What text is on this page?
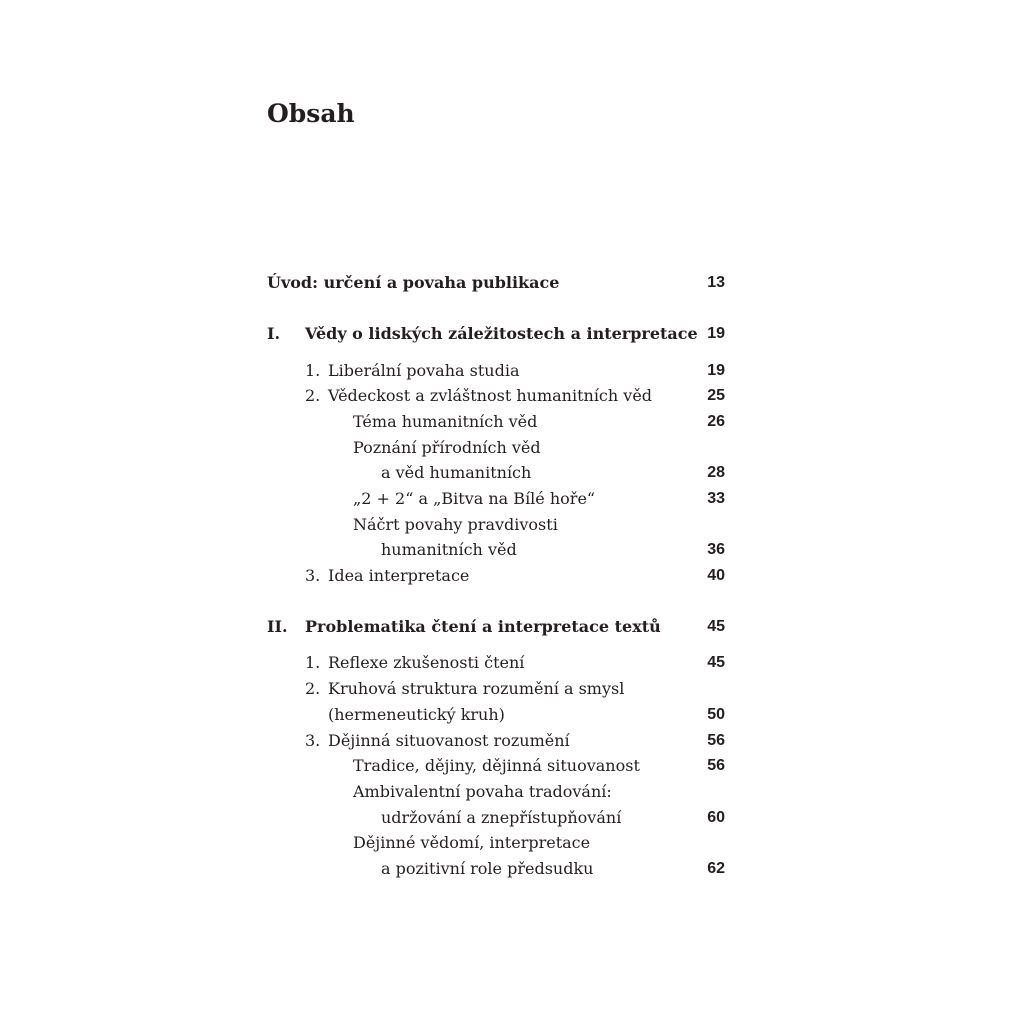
Obsah
Úvod: určení a povaha publikace	13
I. Vědy o lidských záležitostech a interpretace 19
1. Liberální povaha studia	19
2. Vědeckost a zvláštnost humanitních věd	25
Téma humanitních věd	26
Poznání přírodních věd
a věd humanitních	28
„2 + 2“ a „Bitva na Bílé hoře“	33
Náčrt povahy pravdivosti
humanitních věd	36
3. Idea interpretace	40
II. Problematika čtení a interpretace textů	45
1. Reflexe zkušenosti čtení	45
2. Kruhová struktura rozumění a smysl
(hermeneutický kruh)	50
3. Dějinná situovanost rozumění	56
Tradice, dějiny, dějinná situovanost	56
Ambivalentní povaha tradování:
udržování a znepřístupňování	60
Dějinné vědomí, interpretace
a pozitivní role předsudku	62
